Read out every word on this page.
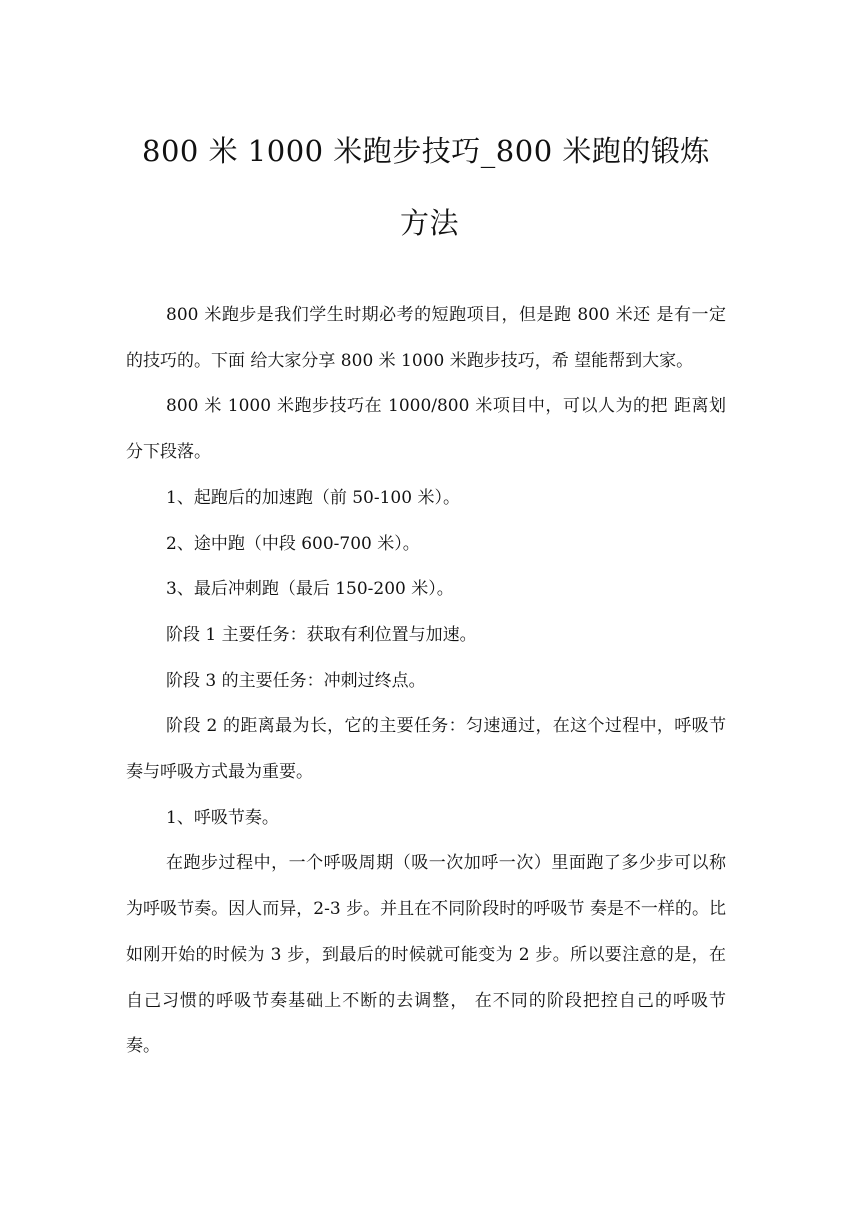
800 米 1000 米跑步技巧_800 米跑的锻炼
方法

800 米跑步是我们学生时期必考的短跑项目，但是跑 800 米还 是有一定的技巧的。下面 给大家分享 800 米 1000 米跑步技巧，希 望能帮到大家。

800 米 1000 米跑步技巧在 1000/800 米项目中，可以人为的把 距离划分下段落。

1、起跑后的加速跑（前 50-100 米）。

2、途中跑（中段 600-700 米）。

3、最后冲刺跑（最后 150-200 米）。

阶段 1 主要任务：获取有利位置与加速。

阶段 3 的主要任务：冲刺过终点。

阶段 2 的距离最为长，它的主要任务：匀速通过，在这个过程中，呼吸节奏与呼吸方式最为重要。

1、呼吸节奏。

在跑步过程中，一个呼吸周期（吸一次加呼一次）里面跑了多少步可以称为呼吸节奏。因人而异，2-3 步。并且在不同阶段时的呼吸节 奏是不一样的。比如刚开始的时候为 3 步，到最后的时候就可能变为 2 步。所以要注意的是，在自己习惯的呼吸节奏基础上不断的去调整， 在不同的阶段把控自己的呼吸节奏。
